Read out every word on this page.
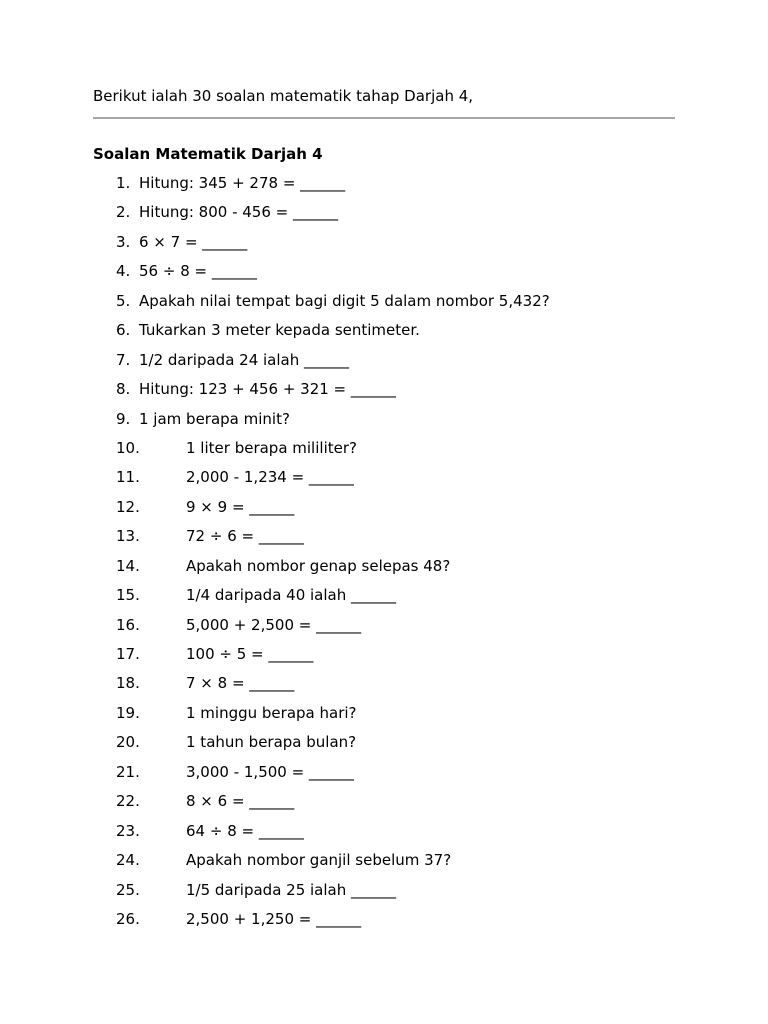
Berikut ialah 30 soalan matematik tahap Darjah 4,
Soalan Matematik Darjah 4
1. Hitung: 345 + 278 = ______
2. Hitung: 800 - 456 = ______
3. 6 × 7 = ______
4. 56 ÷ 8 = ______
5. Apakah nilai tempat bagi digit 5 dalam nombor 5,432?
6. Tukarkan 3 meter kepada sentimeter.
7. 1/2 daripada 24 ialah ______
8. Hitung: 123 + 456 + 321 = ______
9. 1 jam berapa minit?
10.	1 liter berapa mililiter?
11.	2,000 - 1,234 = ______
12.	9 × 9 = ______
13.	72 ÷ 6 = ______
14.	Apakah nombor genap selepas 48?
15.	1/4 daripada 40 ialah ______
16.	5,000 + 2,500 = ______
17.	100 ÷ 5 = ______
18.	7 × 8 = ______
19.	1 minggu berapa hari?
20.	1 tahun berapa bulan?
21.	3,000 - 1,500 = ______
22.	8 × 6 = ______
23.	64 ÷ 8 = ______
24.	Apakah nombor ganjil sebelum 37?
25.	1/5 daripada 25 ialah ______
26.	2,500 + 1,250 = ______
